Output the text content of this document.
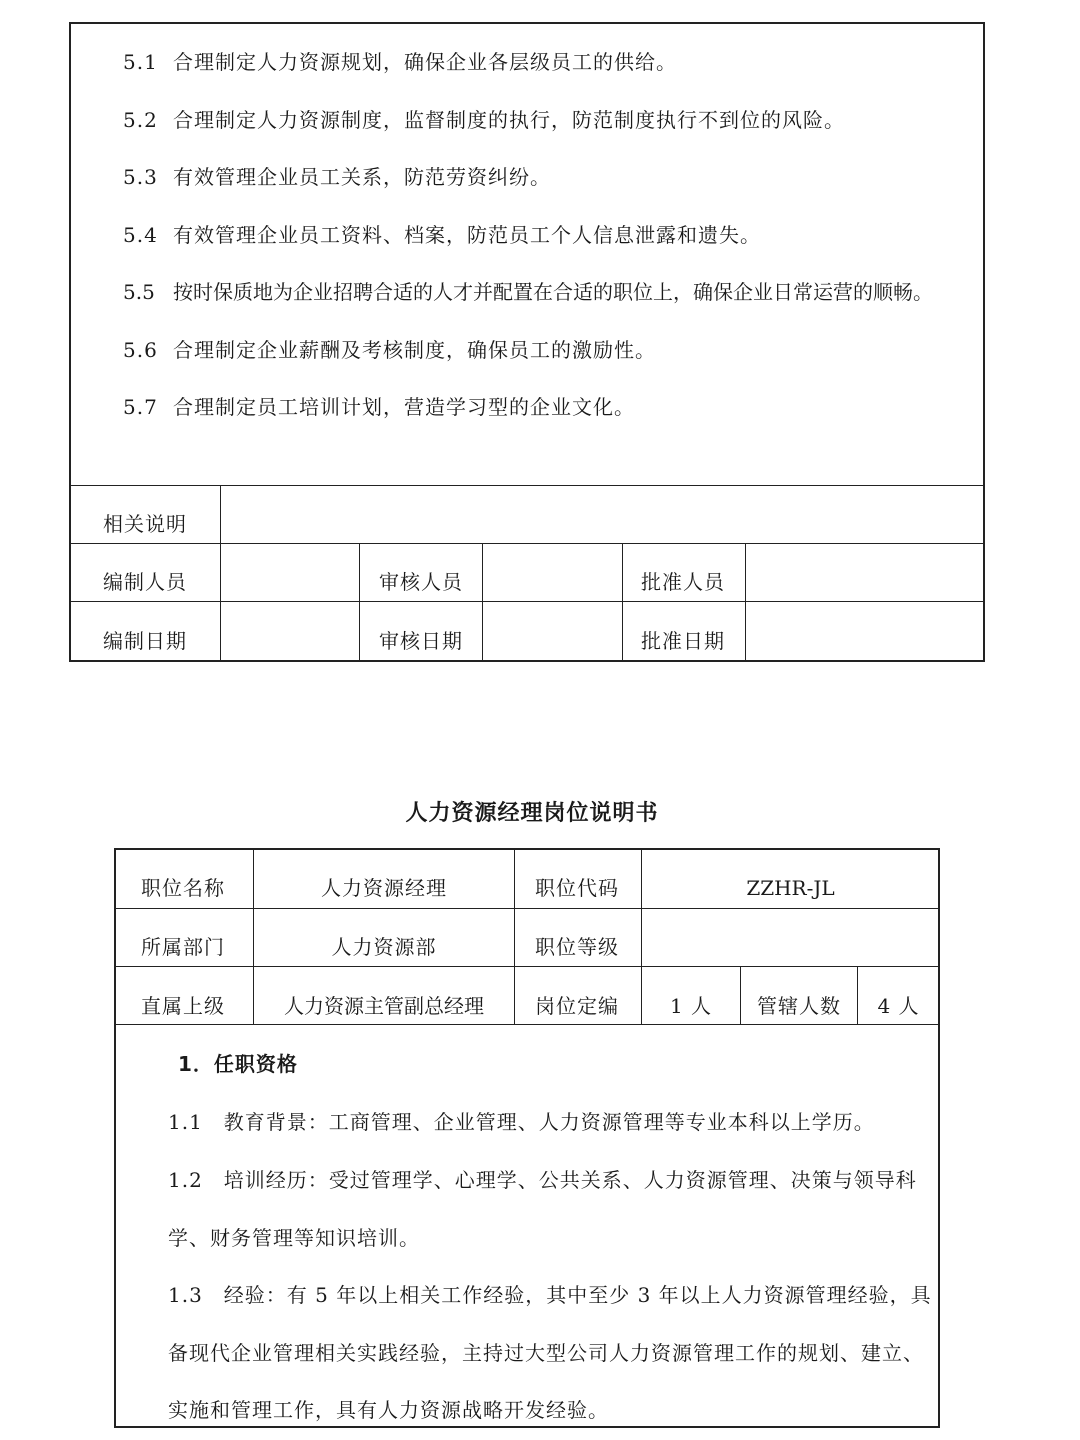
5.1 合理制定人力资源规划，确保企业各层级员工的供给。
5.2 合理制定人力资源制度，监督制度的执行，防范制度执行不到位的风险。
5.3 有效管理企业员工关系，防范劳资纠纷。
5.4 有效管理企业员工资料、档案，防范员工个人信息泄露和遗失。
5.5 按时保质地为企业招聘合适的人才并配置在合适的职位上，确保企业日常运营的顺畅。
5.6 合理制定企业薪酬及考核制度，确保员工的激励性。
5.7 合理制定员工培训计划，营造学习型的企业文化。
相关说明
编制人员	审核人员	批准人员
编制日期	审核日期	批准日期
人力资源经理岗位说明书
职位名称	人力资源经理	职位代码	ZZHR-JL
所属部门	人力资源部	职位等级
直属上级	人力资源主管副总经理	岗位定编	1 人	管辖人数	4 人
1．任职资格
1.1　教育背景：工商管理、企业管理、人力资源管理等专业本科以上学历。
1.2　培训经历：受过管理学、心理学、公共关系、人力资源管理、决策与领导科
学、财务管理等知识培训。
1.3　经验：有 5 年以上相关工作经验，其中至少 3 年以上人力资源管理经验，具
备现代企业管理相关实践经验，主持过大型公司人力资源管理工作的规划、建立、
实施和管理工作，具有人力资源战略开发经验。
